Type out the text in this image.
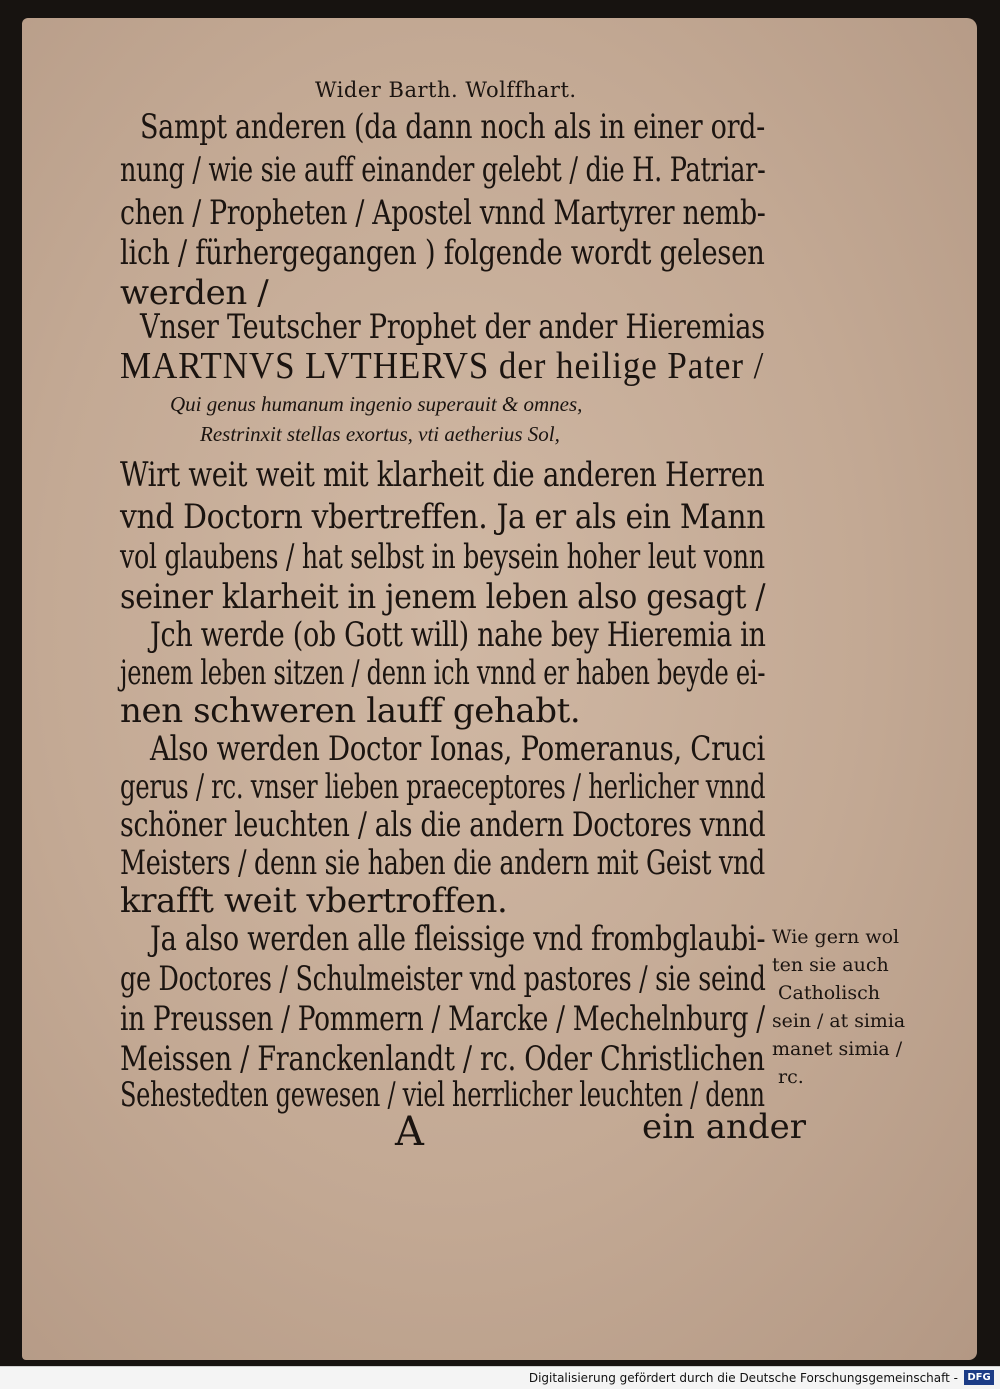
Wider Barth. Wolffhart.
Sampt anderen (da dann noch als in einer ord-
nung / wie sie auff einander gelebt / die H. Patriar-
chen / Propheten / Apostel vnnd Martyrer nemb-
lich / fürhergegangen ) folgende wordt gelesen
werden /
Vnser Teutscher Prophet der ander Hieremias
MARTNVS LVTHERVS der heilige Pater /
Qui genus humanum ingenio superauit & omnes,
Restrinxit stellas exortus, vti aetherius Sol,
Wirt weit weit mit klarheit die anderen Herren
vnd Doctorn vbertreffen. Ja er als ein Mann
vol glaubens / hat selbst in beysein hoher leut vonn
seiner klarheit in jenem leben also gesagt /
Jch werde (ob Gott will) nahe bey Hieremia in
jenem leben sitzen / denn ich vnnd er haben beyde ei-
nen schweren lauff gehabt.
Also werden Doctor Ionas, Pomeranus, Cruci
gerus / rc. vnser lieben praeceptores / herlicher vnnd
schöner leuchten / als die andern Doctores vnnd
Meisters / denn sie haben die andern mit Geist vnd
krafft weit vbertroffen.
Ja also werden alle fleissige vnd frombglaubi-
ge Doctores / Schulmeister vnd pastores / sie seind
in Preussen / Pommern / Marcke / Mechelnburg /
Meissen / Franckenlandt / rc. Oder Christlichen
Sehestedten gewesen / viel herrlicher leuchten / denn
Wie gern wol
ten sie auch
Catholisch
sein / at simia
manet simia /
rc.
A	ein ander
Digitalisierung gefördert durch die Deutsche Forschungsgemeinschaft - DFG
